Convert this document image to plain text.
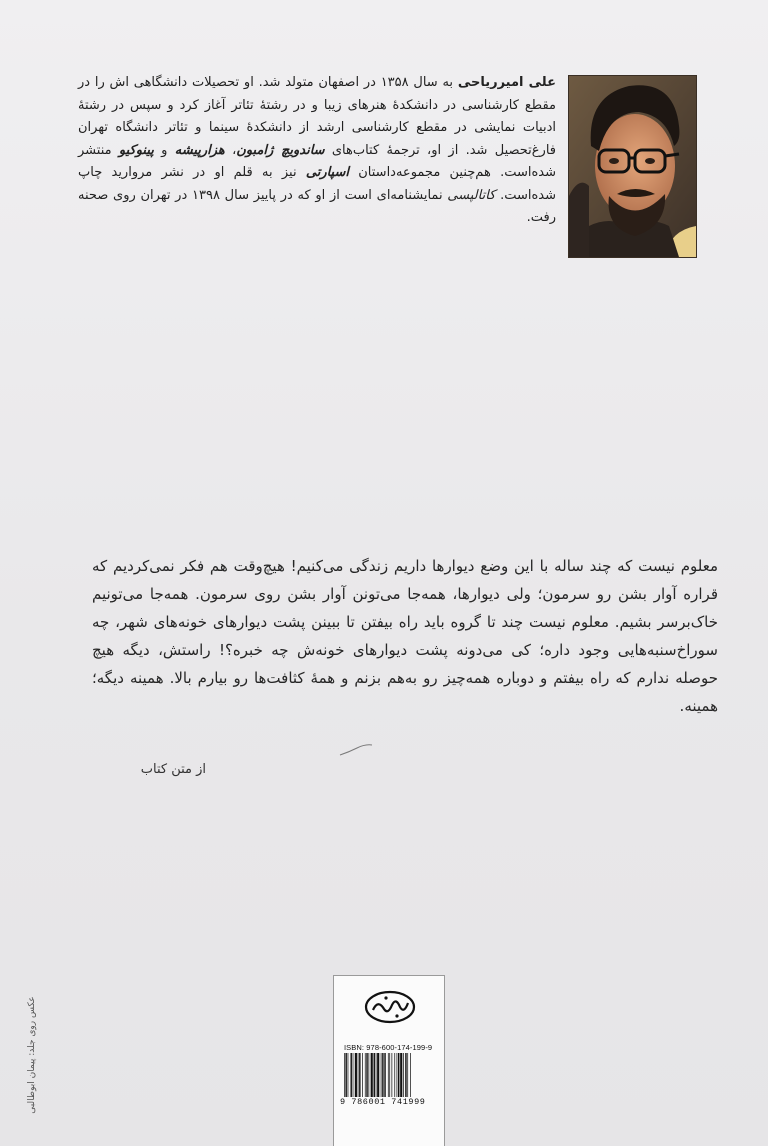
علی امیرریاحی به سال ۱۳۵۸ در اصفهان متولد شد. او تحصیلات دانشگاهی اش را در مقطع کارشناسی در دانشکدهٔ هنرهای زیبا و در رشتهٔ تئاتر آغاز کرد و سپس در رشتهٔ ادبیات نمایشی در مقطع کارشناسی ارشد از دانشکدهٔ سینما و تئاتر دانشگاه تهران فارغ‌تحصیل شد. از او، ترجمهٔ کتاب‌های ساندویچ ژامبون، هزارپیشه و پینوکیو منتشر شده‌است. هم‌چنین مجموعه‌داستان اسپارتی نیز به قلم او در نشر مروارید چاپ شده‌است. کاتالپسی نمایشنامه‌ای است از او که در پاییز سال ۱۳۹۸ در تهران روی صحنه رفت.
معلوم نیست که چند ساله با این وضع دیوارها داریم زندگی می‌کنیم! هیچ‌وقت هم فکر نمی‌کردیم که قراره آوار بشن رو سرمون؛ ولی دیوارها، همه‌جا می‌تونن آوار بشن روی سرمون. همه‌جا می‌تونیم خاک‌برسر بشیم. معلوم نیست چند تا گروه باید راه بیفتن تا ببینن پشت دیوارهای خونه‌های شهر، چه سوراخ‌سنبه‌هایی وجود داره؛ کی می‌دونه پشت دیوارهای خونه‌ش چه خبره؟! راستش، دیگه هیچ حوصله ندارم که راه بیفتم و دوباره همه‌چیز رو به‌هم بزنم و همهٔ کثافت‌ها رو بیارم بالا. همینه دیگه؛ همینه.
از متن کتاب
عکس روی جلد: پیمان ابوطالبی	ISBN: 978-600-174-199-9
9 786001 741999
